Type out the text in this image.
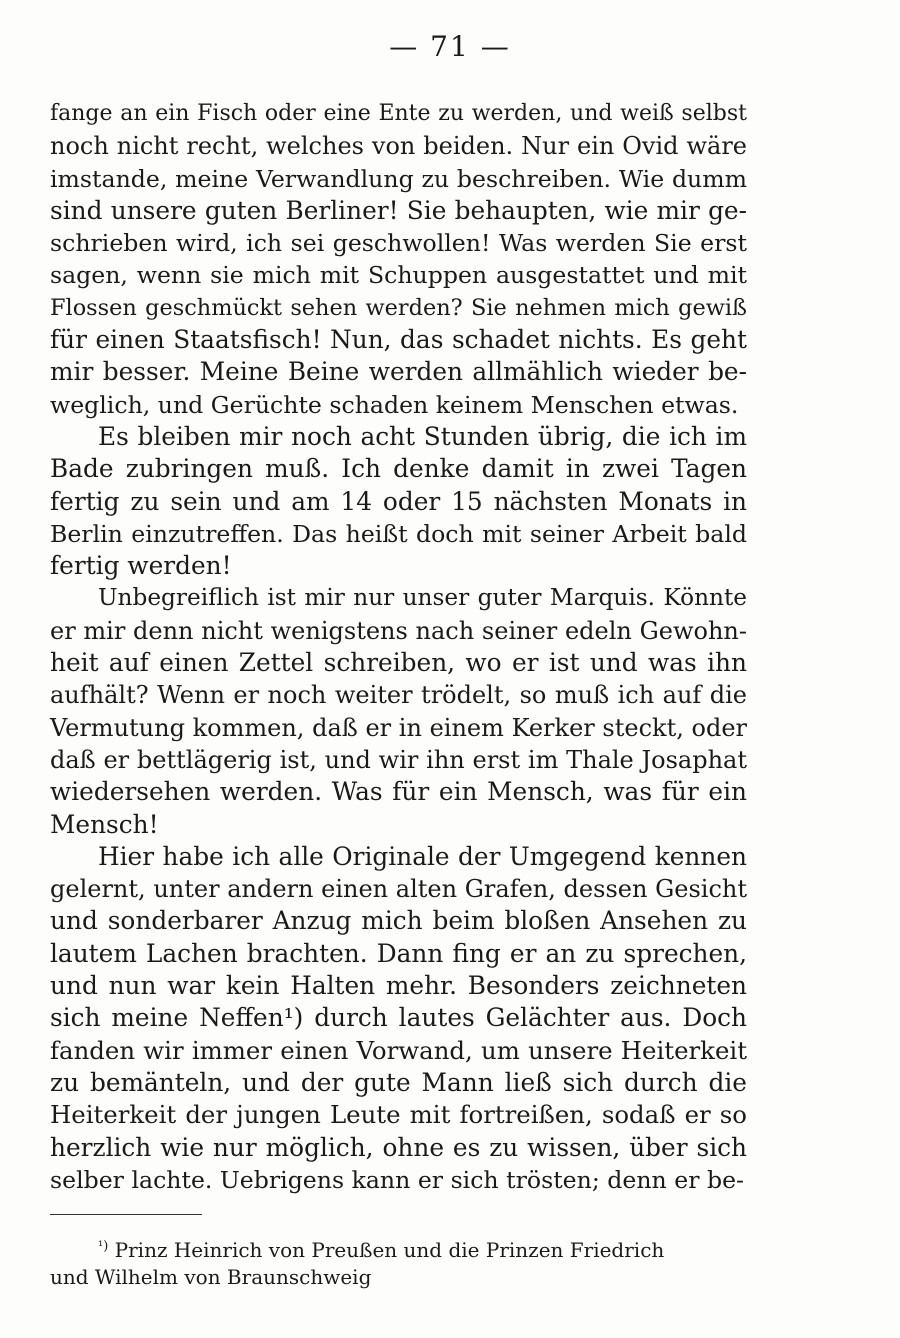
— 71 —
fange an ein Fisch oder eine Ente zu werden, und weiß selbst
noch nicht recht, welches von beiden. Nur ein Ovid wäre
imstande, meine Verwandlung zu beschreiben. Wie dumm
sind unsere guten Berliner! Sie behaupten, wie mir ge-
schrieben wird, ich sei geschwollen! Was werden Sie erst
sagen, wenn sie mich mit Schuppen ausgestattet und mit
Flossen geschmückt sehen werden? Sie nehmen mich gewiß
für einen Staatsfisch! Nun, das schadet nichts. Es geht
mir besser. Meine Beine werden allmählich wieder be-
weglich, und Gerüchte schaden keinem Menschen etwas.
Es bleiben mir noch acht Stunden übrig, die ich im
Bade zubringen muß. Ich denke damit in zwei Tagen
fertig zu sein und am 14 oder 15 nächsten Monats in
Berlin einzutreffen. Das heißt doch mit seiner Arbeit bald
fertig werden!
Unbegreiflich ist mir nur unser guter Marquis. Könnte
er mir denn nicht wenigstens nach seiner edeln Gewohn-
heit auf einen Zettel schreiben, wo er ist und was ihn
aufhält? Wenn er noch weiter trödelt, so muß ich auf die
Vermutung kommen, daß er in einem Kerker steckt, oder
daß er bettlägerig ist, und wir ihn erst im Thale Josaphat
wiedersehen werden. Was für ein Mensch, was für ein
Mensch!
Hier habe ich alle Originale der Umgegend kennen
gelernt, unter andern einen alten Grafen, dessen Gesicht
und sonderbarer Anzug mich beim bloßen Ansehen zu
lautem Lachen brachten. Dann fing er an zu sprechen,
und nun war kein Halten mehr. Besonders zeichneten
sich meine Neffen¹) durch lautes Gelächter aus. Doch
fanden wir immer einen Vorwand, um unsere Heiterkeit
zu bemänteln, und der gute Mann ließ sich durch die
Heiterkeit der jungen Leute mit fortreißen, sodaß er so
herzlich wie nur möglich, ohne es zu wissen, über sich
selber lachte. Uebrigens kann er sich trösten; denn er be-
$^{^1)}$ Prinz Heinrich von Preußen und die Prinzen Friedrich
und Wilhelm von Braunschweig
